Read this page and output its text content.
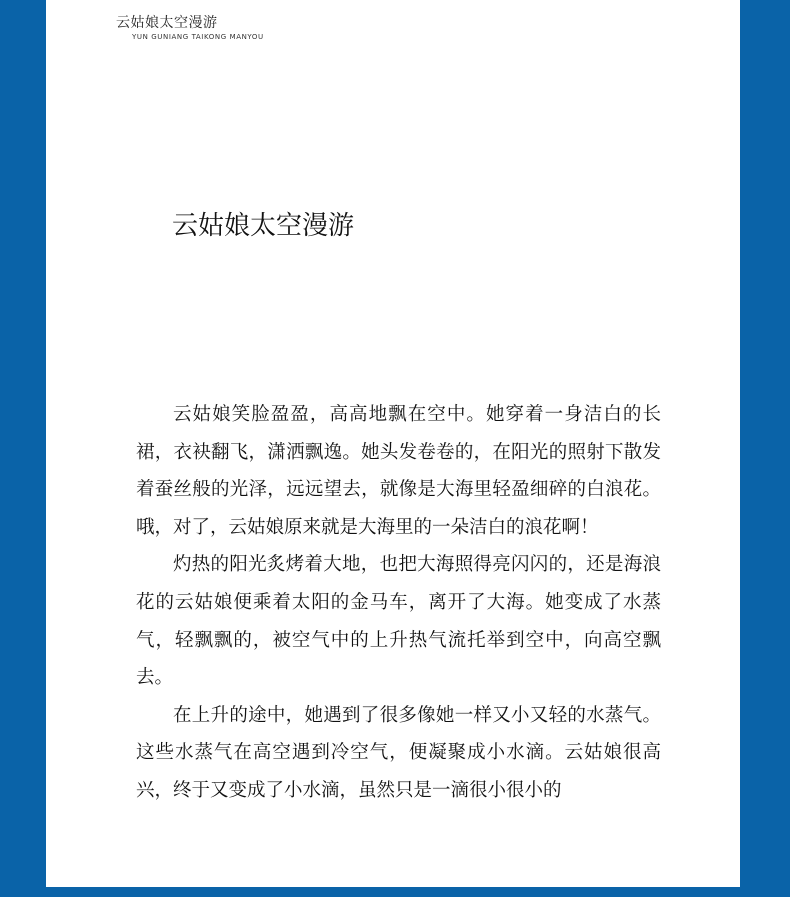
云姑娘太空漫游
YUN GUNIANG TAIKONG MANYOU
云姑娘太空漫游

云姑娘笑脸盈盈，高高地飘在空中。她穿着一身洁白的长裙，衣袂翻飞，潇洒飘逸。她头发卷卷的，在阳光的照射下散发着蚕丝般的光泽，远远望去，就像是大海里轻盈细碎的白浪花。哦，对了，云姑娘原来就是大海里的一朵洁白的浪花啊！

灼热的阳光炙烤着大地，也把大海照得亮闪闪的，还是海浪花的云姑娘便乘着太阳的金马车，离开了大海。她变成了水蒸气，轻飘飘的，被空气中的上升热气流托举到空中，向高空飘去。

在上升的途中，她遇到了很多像她一样又小又轻的水蒸气。这些水蒸气在高空遇到冷空气，便凝聚成小水滴。云姑娘很高兴，终于又变成了小水滴，虽然只是一滴很小很小的
